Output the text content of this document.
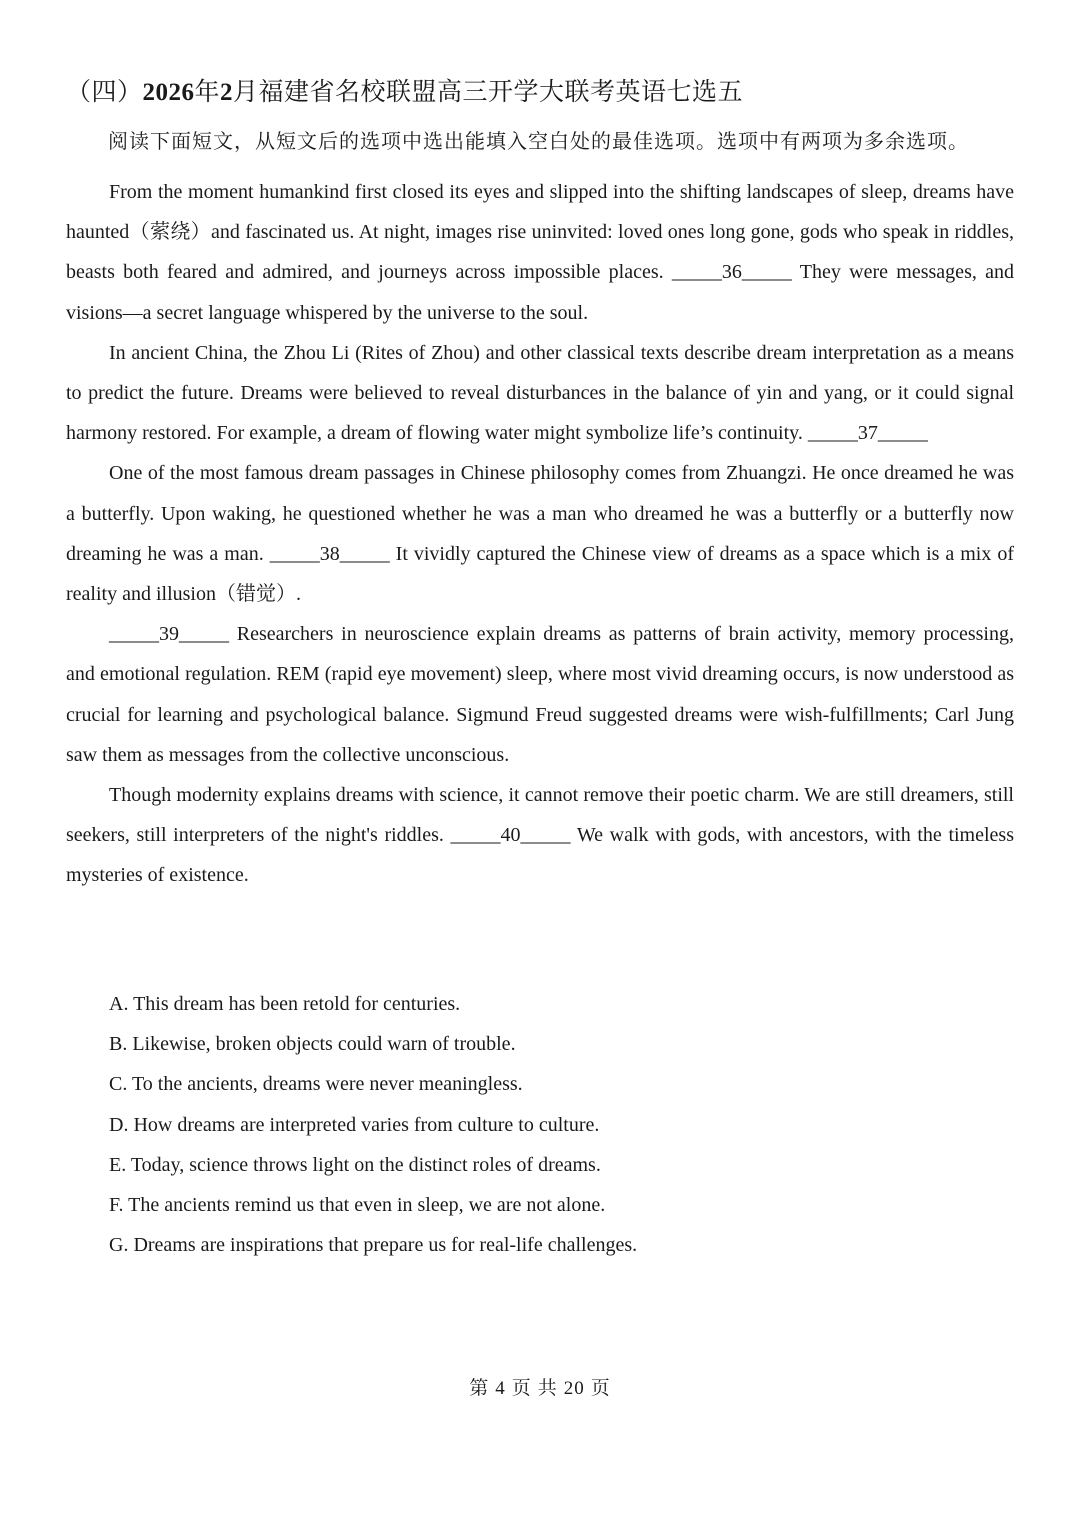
（四）2026年2月福建省名校联盟高三开学大联考英语七选五
阅读下面短文，从短文后的选项中选出能填入空白处的最佳选项。选项中有两项为多余选项。

From the moment humankind first closed its eyes and slipped into the shifting landscapes of sleep, dreams have haunted（萦绕）and fascinated us. At night, images rise uninvited: loved ones long gone, gods who speak in riddles, beasts both feared and admired, and journeys across impossible places. _____36_____ They were messages, and visions—a secret language whispered by the universe to the soul.

In ancient China, the Zhou Li (Rites of Zhou) and other classical texts describe dream interpretation as a means to predict the future. Dreams were believed to reveal disturbances in the balance of yin and yang, or it could signal harmony restored. For example, a dream of flowing water might symbolize life’s continuity. _____37_____

One of the most famous dream passages in Chinese philosophy comes from Zhuangzi. He once dreamed he was a butterfly. Upon waking, he questioned whether he was a man who dreamed he was a butterfly or a butterfly now dreaming he was a man. _____38_____ It vividly captured the Chinese view of dreams as a space which is a mix of reality and illusion（错觉）.

_____39_____ Researchers in neuroscience explain dreams as patterns of brain activity, memory processing, and emotional regulation. REM (rapid eye movement) sleep, where most vivid dreaming occurs, is now understood as crucial for learning and psychological balance. Sigmund Freud suggested dreams were wish-fulfillments; Carl Jung saw them as messages from the collective unconscious.

Though modernity explains dreams with science, it cannot remove their poetic charm. We are still dreamers, still seekers, still interpreters of the night's riddles. _____40_____ We walk with gods, with ancestors, with the timeless mysteries of existence.

A. This dream has been retold for centuries.
B. Likewise, broken objects could warn of trouble.
C. To the ancients, dreams were never meaningless.
D. How dreams are interpreted varies from culture to culture.
E. Today, science throws light on the distinct roles of dreams.
F. The ancients remind us that even in sleep, we are not alone.
G. Dreams are inspirations that prepare us for real-life challenges.
第 4 页 共 20 页
